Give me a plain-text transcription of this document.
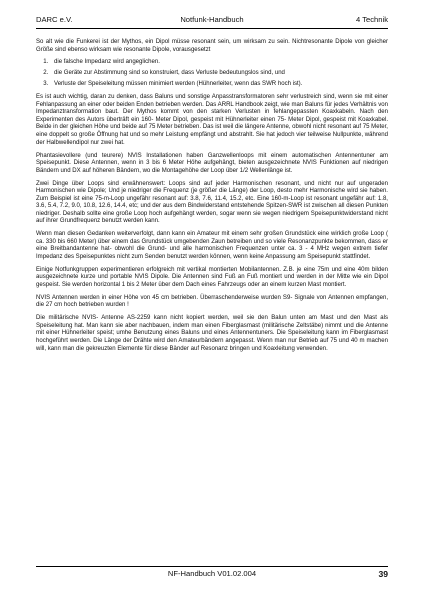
DARC e.V.	Notfunk-Handbuch	4 Technik

So alt wie die Funkerei ist der Mythos, ein Dipol müsse resonant sein, um wirksam zu sein. Nichtresonante Dipole von gleicher Größe sind ebenso wirksam wie resonante Dipole, vorausgesetzt

1. die falsche Impedanz wird angeglichen.
2. die Geräte zur Abstimmung sind so konstruiert, dass Verluste bedeutungslos sind, und
3. Verluste der Speiseleitung müssen minimiert werden (Hühnerleiter, wenn das SWR hoch ist).

Es ist auch wichtig, daran zu denken, dass Baluns und sonstige Anpasstransformatoren sehr verlustreich sind, wenn sie mit einer Fehlanpassung an einer oder beiden Enden betrieben werden. Das ARRL Handbook zeigt, wie man Baluns für jedes Verhältnis von Impedanztransformation baut. Der Mythos kommt von den starken Verlusten in fehlangepassten Koaxkabeln. Nach den Experimenten des Autors überträft ein 160- Meter Dipol, gespeist mit Hühnerleiter einen 75- Meter Dipol, gespeist mit Koaxkabel. Beide in der gleichen Höhe und beide auf 75 Meter betrieben. Das ist weil die längere Antenne, obwohl nicht resonant auf 75 Meter, eine doppelt so große Öffnung hat und so mehr Leistung empfängt und abstrahlt. Sie hat jedoch vier teilweise Nullpunkte, während der Halbwellendipol nur zwei hat.

Phantasievollere (und teurere) NVIS Installationen haben Ganzwellenloops mit einem automatischen Antennentuner am Speisepunkt. Diese Antennen, wenn in 3 bis 6 Meter Höhe aufgehängt, bieten ausgezeichnete NVIS Funktionen auf niedrigen Bändern und DX auf höheren Bändern, wo die Montagehöhe der Loop über 1/2 Wellenlänge ist.

Zwei Dinge über Loops sind erwähnenswert: Loops sind auf jeder Harmonischen resonant, und nicht nur auf ungeraden Harmonischen wie Dipole; Und je niedriger die Frequenz (je größer die Länge) der Loop, desto mehr Harmonische wird sie haben. Zum Beispiel ist eine 75-m-Loop ungefähr resonant auf: 3.8, 7.6, 11.4, 15.2, etc. Eine 160-m-Loop ist resonant ungefähr auf: 1.8, 3.6, 5.4, 7.2, 9.0, 10.8, 12.6, 14.4, etc; und der aus dem Bindwiderstand entstehende Spitzen-SWR ist zwischen all diesen Punkten niedriger. Deshalb sollte eine große Loop hoch aufgehängt werden, sogar wenn sie wegen niedrigem Speisepunktwiderstand nicht auf ihrer Grundfrequenz benutzt werden kann.

Wenn man diesen Gedanken weiterverfolgt, dann kann ein Amateur mit einem sehr großen Grundstück eine wirklich große Loop ( ca. 330 bis 660 Meter) über einem das Grundstück umgebenden Zaun betreiben und so viele Resonanzpunkte bekommen, dass er eine Breitbandantenne hat- obwohl die Grund- und alle harmonischen Frequenzen unter ca. 3 - 4 MHz wegen extrem tiefer Impedanz des Speisepunktes nicht zum Senden benutzt werden können, wenn keine Anpassung am Speisepunkt stattfindet.

Einige Notfunkgruppen experimentieren erfolgreich mit vertikal montierten Mobilantennen. Z.B. je eine 75m und eine 40m bilden ausgezeichnete kurze und portable NVIS Dipole. Die Antennen sind Fuß an Fuß montiert und werden in der Mitte wie ein Dipol gespeist. Sie werden horizontal 1 bis 2 Meter über dem Dach eines Fahrzeugs oder an einem kurzen Mast montiert.

NVIS Antennen werden in einer Höhe von 45 cm betrieben. Überraschenderweise wurden S9- Signale von Antennen empfangen, die 27 cm hoch betrieben wurden !

Die militärische NVIS- Antenne AS-2259 kann nicht kopiert werden, weil sie den Balun unten am Mast und den Mast als Speiseleitung hat. Man kann sie aber nachbauen, indem man einen Fiberglasmast (militärische Zeltstäbe) nimmt und die Antenne mit einer Hühnerleiter speist; umhe Benutzung eines Baluns und eines Antennentuners. Die Speiseleitung kann im Fiberglasmast hochgeführt werden. Die Länge der Drähte wird den Amateurbändern angepasst. Wenn man nur Betrieb auf 75 und 40 m machen will, kann man die gekreuzten Elemente für diese Bänder auf Resonanz bringen und Koaxleitung verwenden.

NF-Handbuch V01.02.004	39
